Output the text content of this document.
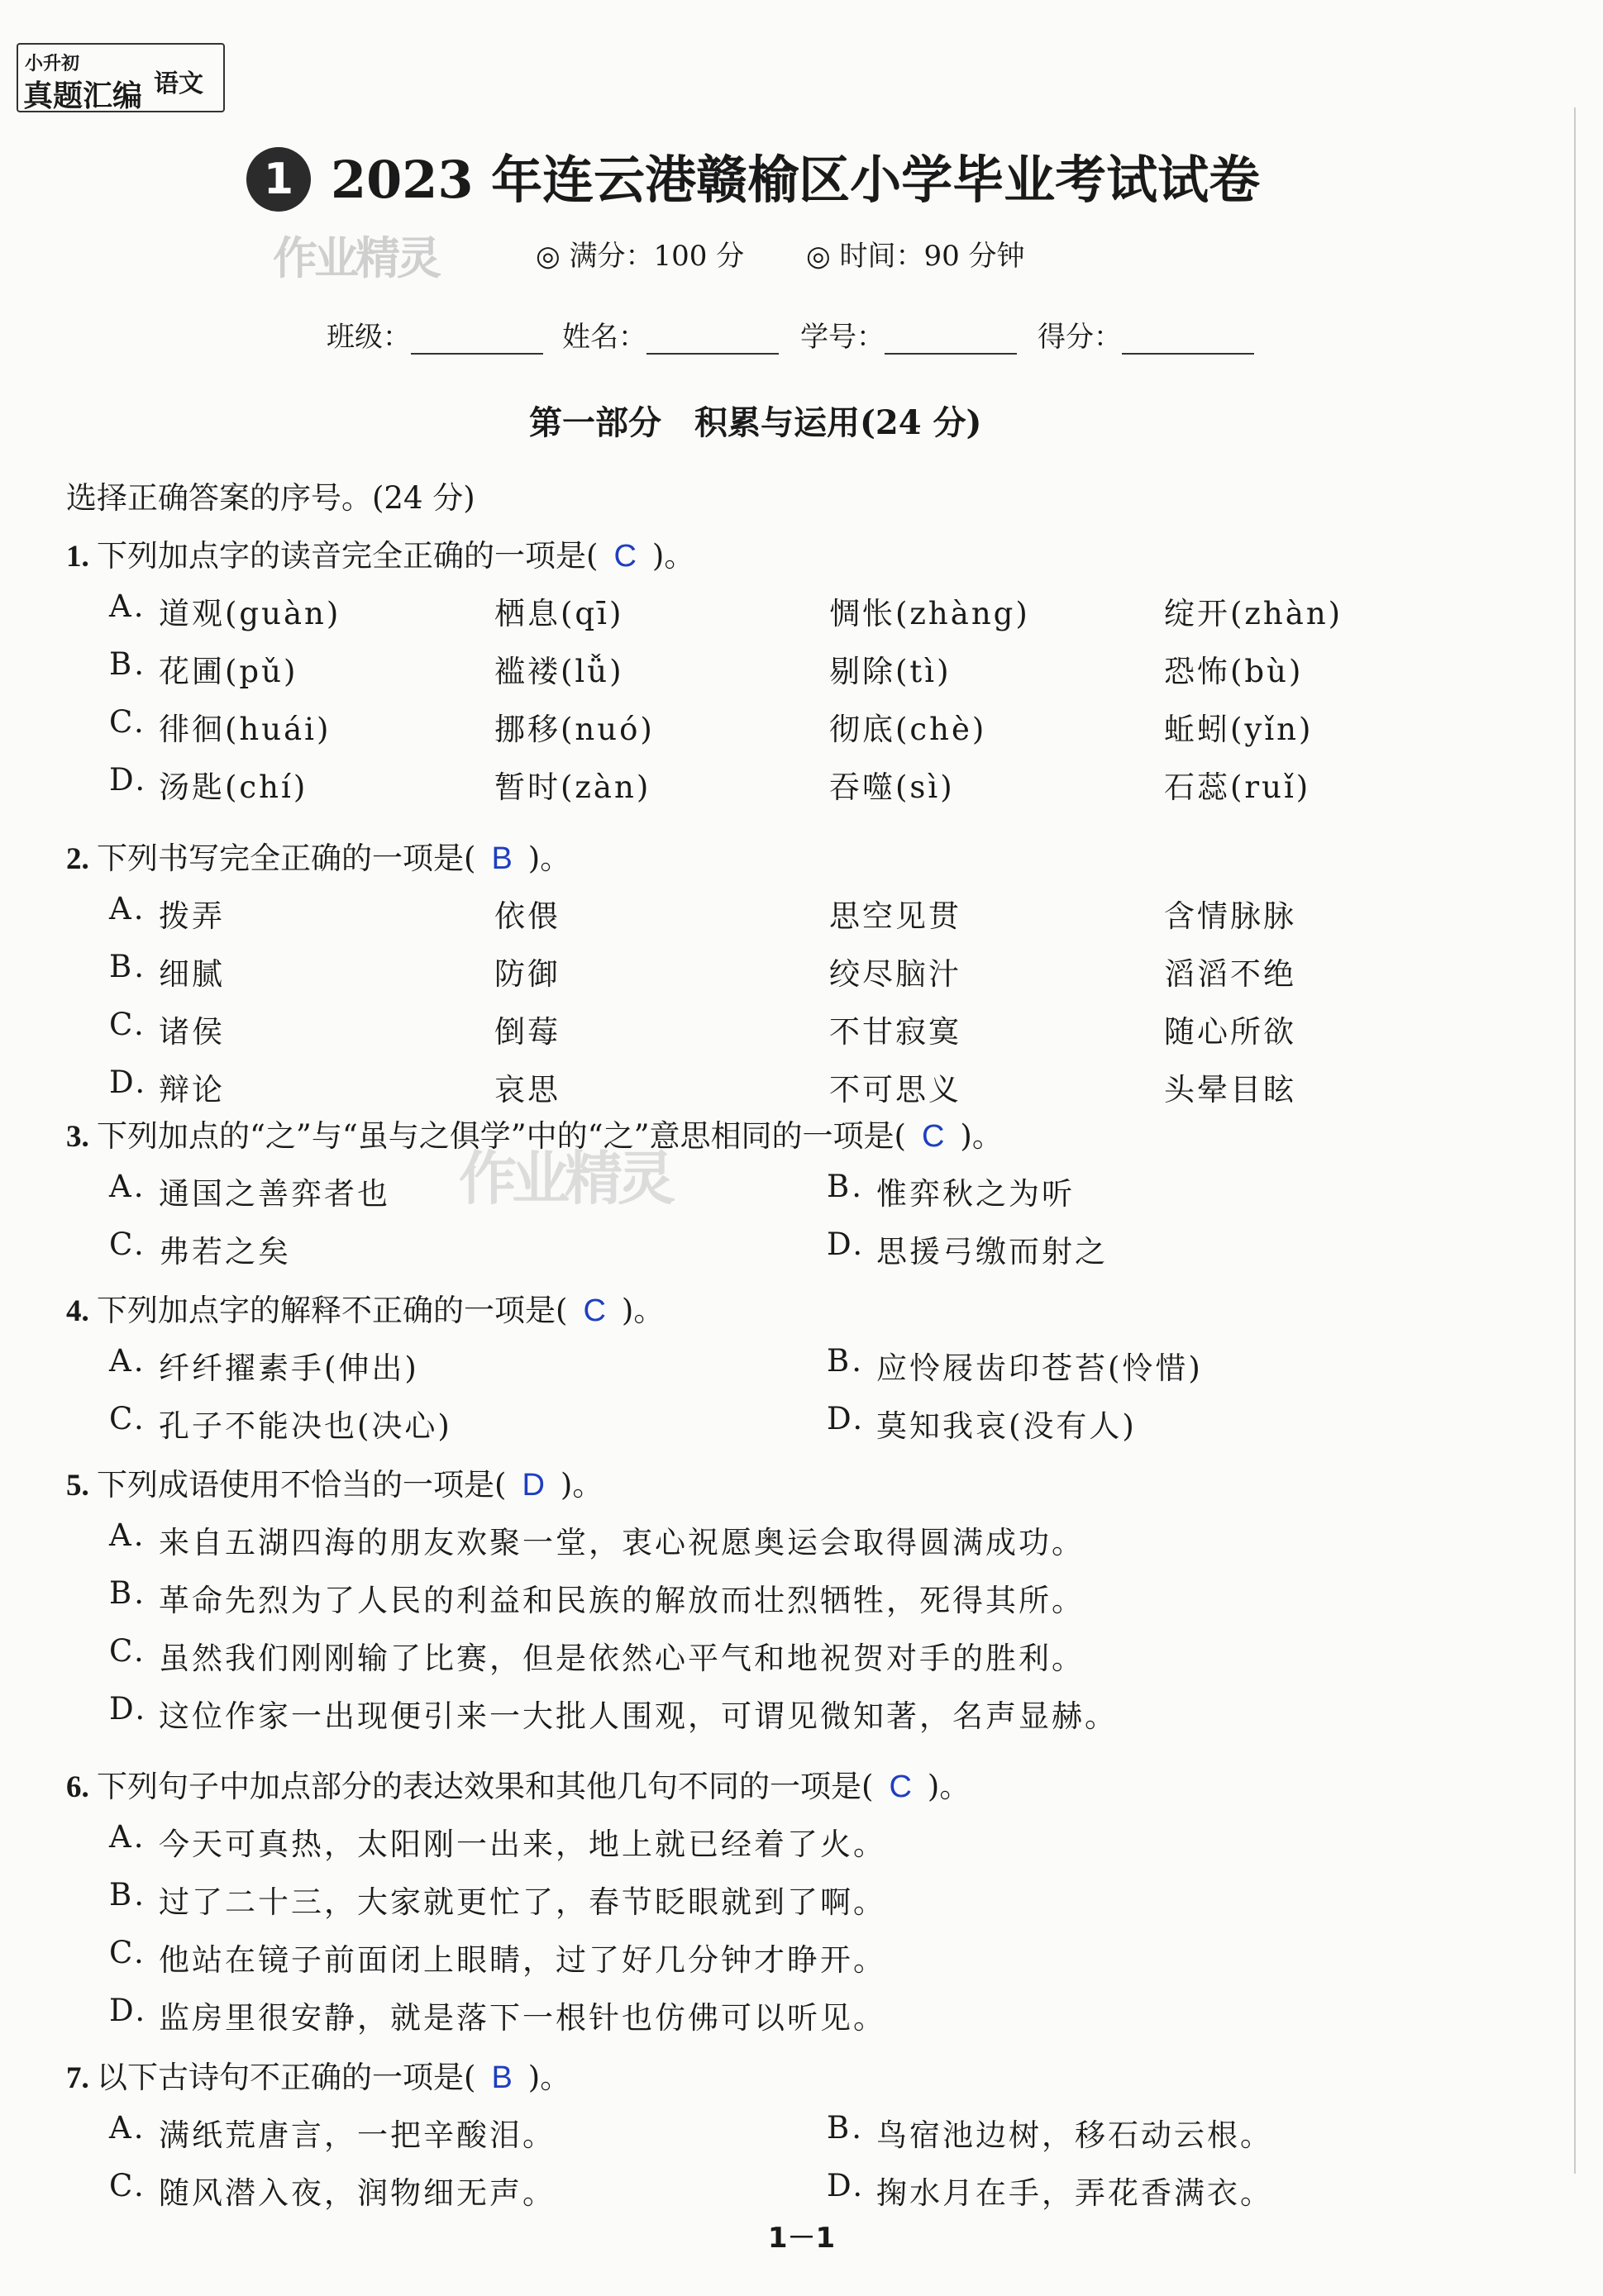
小升初
真题汇编 语文
1 2023 年连云港赣榆区小学毕业考试试卷
作业精灵
作业精灵
◎ 满分：100 分 ◎ 时间：90 分钟
班级：	姓名：	学号：	得分：
第一部分　积累与运用(24 分)
选择正确答案的序号。(24 分)
1. 下列加点字的读音完全正确的一项是( C )。
A. 道观(guàn)	栖息(qī)	惆怅(zhàng)	绽开(zhàn)
B. 花圃(pǔ)	褴褛(lǚ)	剔除(tì)	恐怖(bù)
C. 徘徊(huái)	挪移(nuó)	彻底(chè)	蚯蚓(yǐn)
D. 汤匙(chí)	暂时(zàn)	吞噬(sì)	石蕊(ruǐ)
2. 下列书写完全正确的一项是( B )。
A. 拨弄	依偎	思空见贯	含情脉脉
B. 细腻	防御	绞尽脑汁	滔滔不绝
C. 诸侯	倒莓	不甘寂寞	随心所欲
D. 辩论	哀思	不可思义	头晕目眩
3. 下列加点的“之”与“虽与之俱学”中的“之”意思相同的一项是( C )。
A. 通国之善弈者也	B. 惟弈秋之为听
C. 弗若之矣	D. 思援弓缴而射之
4. 下列加点字的解释不正确的一项是( C )。
A. 纤纤擢素手(伸出)	B. 应怜屐齿印苍苔(怜惜)
C. 孔子不能决也(决心)	D. 莫知我哀(没有人)
5. 下列成语使用不恰当的一项是( D )。
A. 来自五湖四海的朋友欢聚一堂，衷心祝愿奥运会取得圆满成功。
B. 革命先烈为了人民的利益和民族的解放而壮烈牺牲，死得其所。
C. 虽然我们刚刚输了比赛，但是依然心平气和地祝贺对手的胜利。
D. 这位作家一出现便引来一大批人围观，可谓见微知著，名声显赫。
6. 下列句子中加点部分的表达效果和其他几句不同的一项是( C )。
A. 今天可真热，太阳刚一出来，地上就已经着了火。
B. 过了二十三，大家就更忙了，春节眨眼就到了啊。
C. 他站在镜子前面闭上眼睛，过了好几分钟才睁开。
D. 监房里很安静，就是落下一根针也仿佛可以听见。
7. 以下古诗句不正确的一项是( B )。
A. 满纸荒唐言，一把辛酸泪。	B. 鸟宿池边树，移石动云根。
C. 随风潜入夜，润物细无声。	D. 掬水月在手，弄花香满衣。
1－1
